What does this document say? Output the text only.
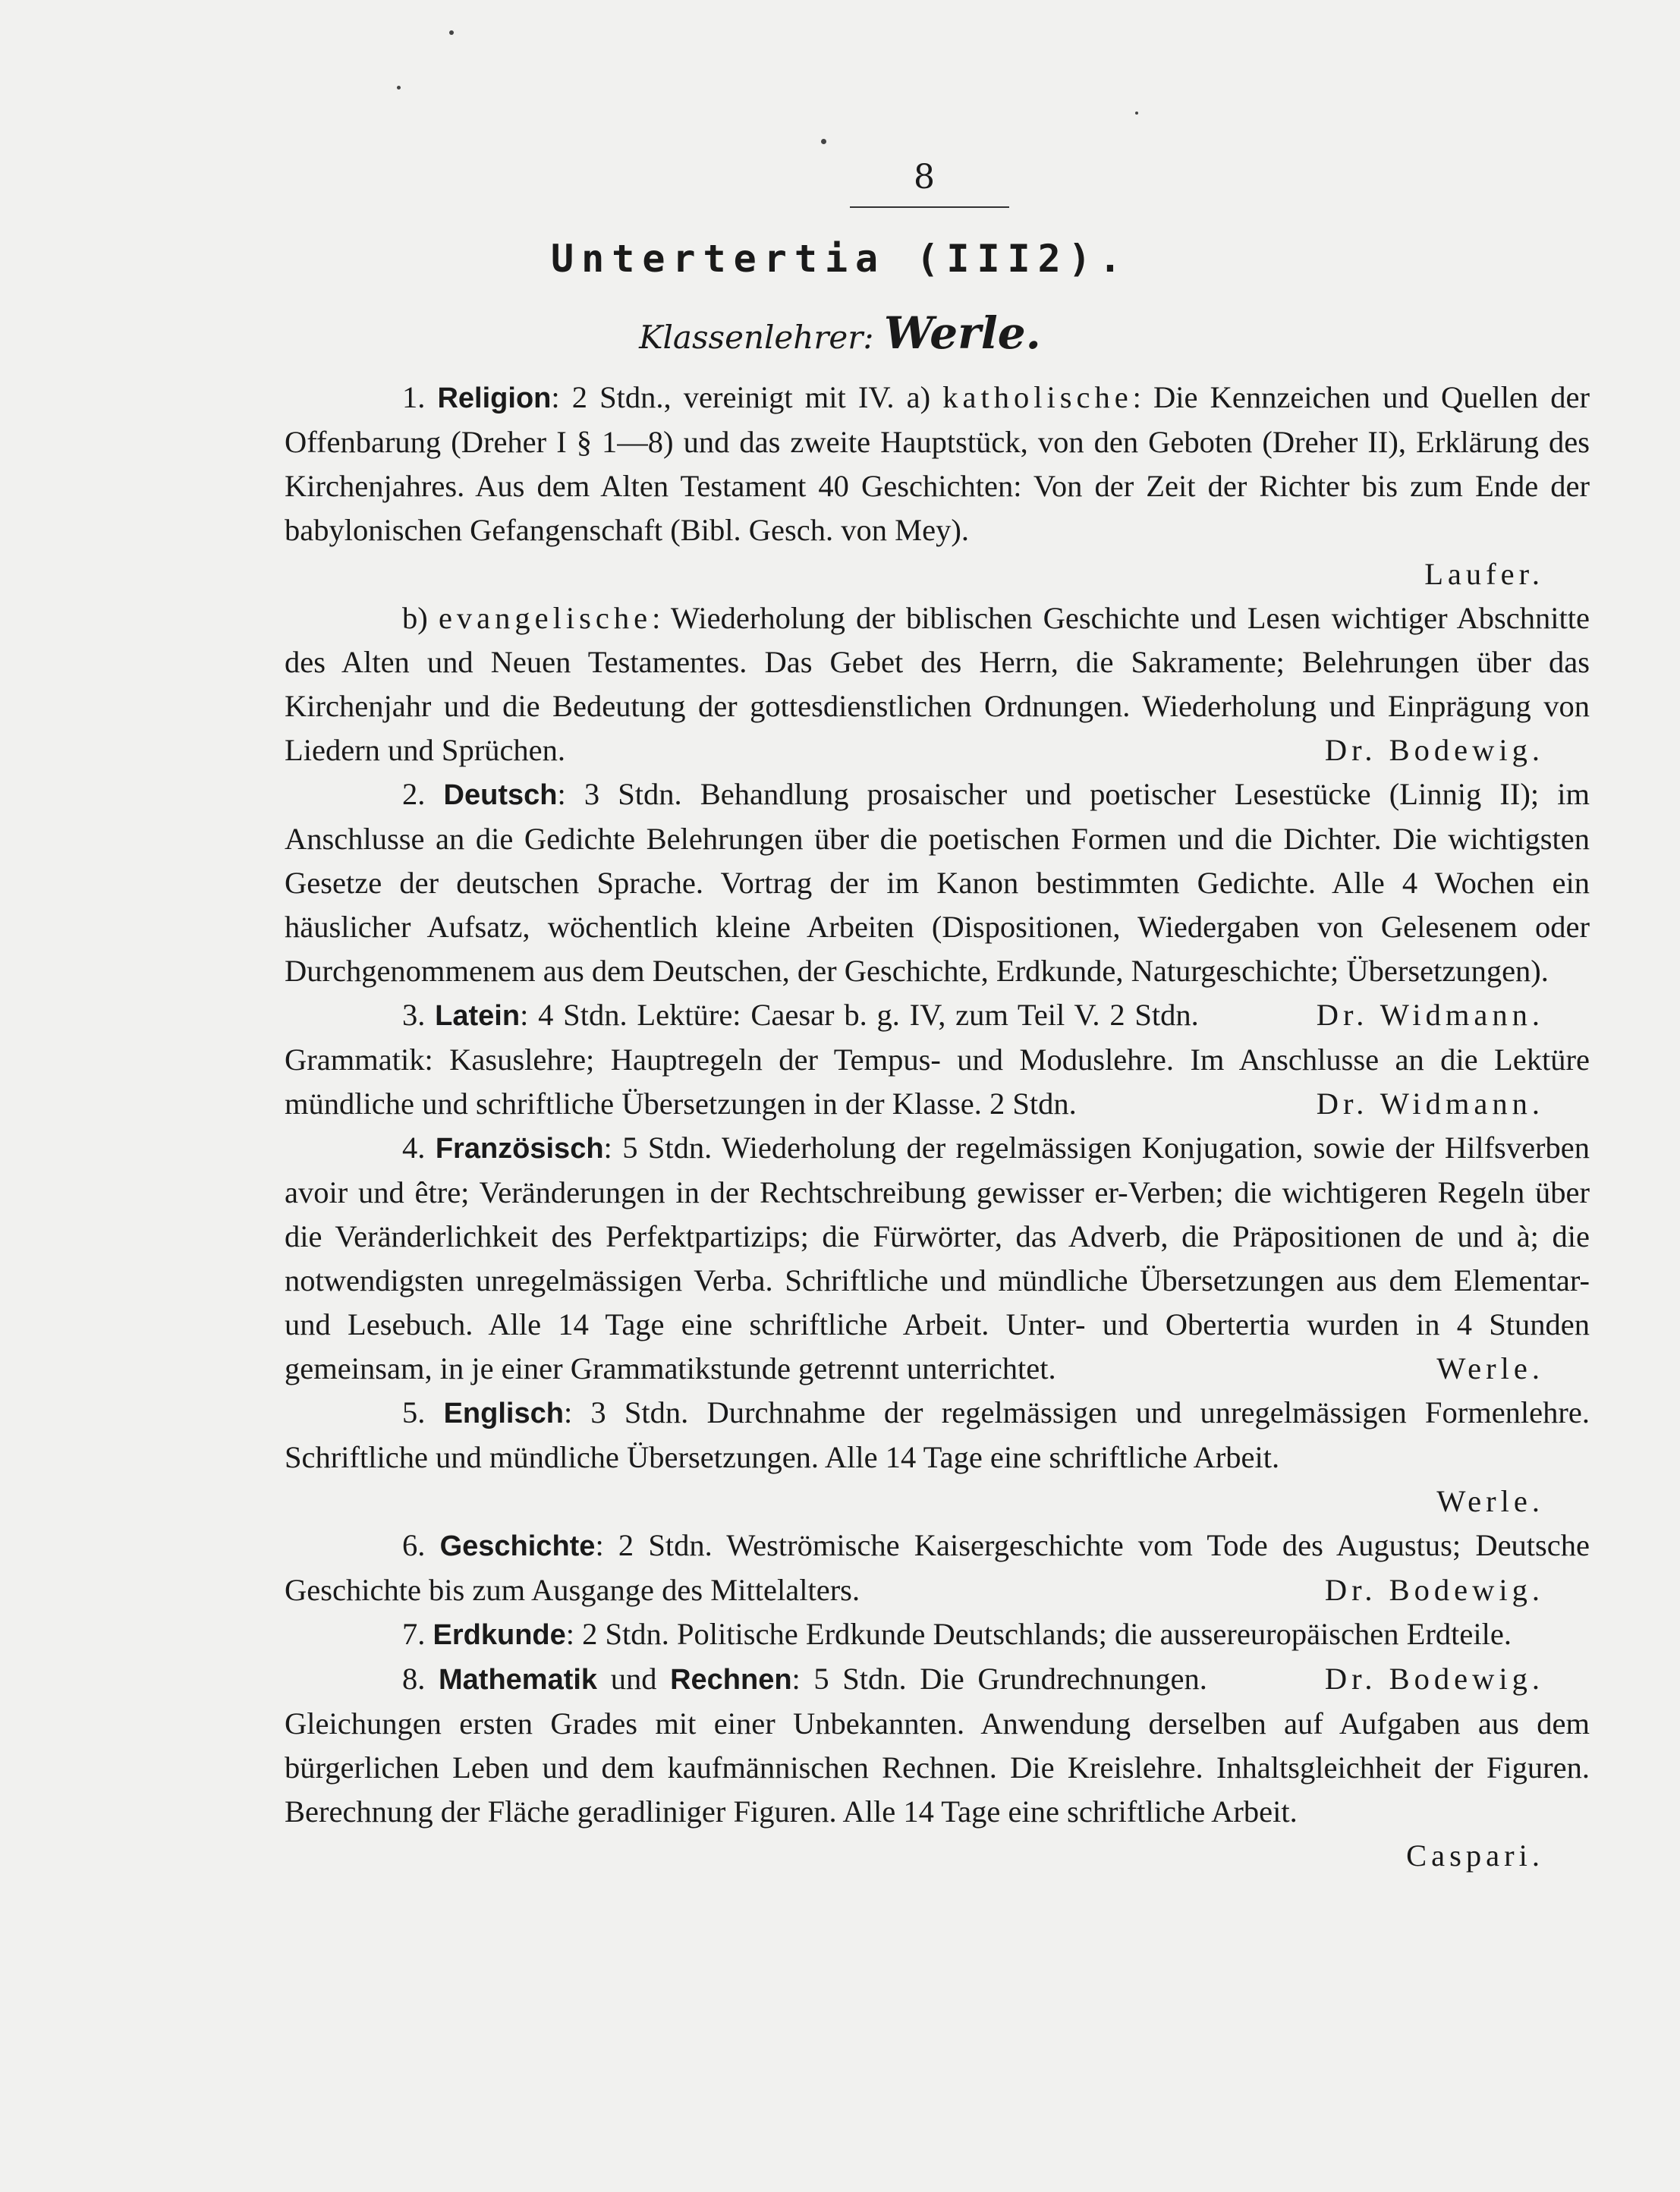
8
Untertertia (III2).
Klassenlehrer: Werle.

1. Religion: 2 Stdn., vereinigt mit IV. a) katholische: Die Kennzeichen und Quellen der Offenbarung (Dreher I § 1—8) und das zweite Hauptstück, von den Geboten (Dreher II), Erklärung des Kirchenjahres. Aus dem Alten Testament 40 Geschichten: Von der Zeit der Richter bis zum Ende der babylonischen Gefangenschaft (Bibl. Gesch. von Mey).
Laufer.

b) evangelische: Wiederholung der biblischen Geschichte und Lesen wichtiger Abschnitte des Alten und Neuen Testamentes. Das Gebet des Herrn, die Sakramente; Belehrungen über das Kirchenjahr und die Bedeutung der gottesdienstlichen Ordnungen. Wiederholung und Einprägung von Liedern und Sprüchen.	Dr. Bodewig.

2. Deutsch: 3 Stdn. Behandlung prosaischer und poetischer Lesestücke (Linnig II); im Anschlusse an die Gedichte Belehrungen über die poetischen Formen und die Dichter. Die wichtigsten Gesetze der deutschen Sprache. Vortrag der im Kanon bestimmten Gedichte. Alle 4 Wochen ein häuslicher Aufsatz, wöchentlich kleine Arbeiten (Dispositionen, Wiedergaben von Gelesenem oder Durchgenommenem aus dem Deutschen, der Geschichte, Erdkunde, Naturgeschichte; Übersetzungen).
Dr. Widmann.

3. Latein: 4 Stdn. Lektüre: Caesar b. g. IV, zum Teil V. 2 Stdn. Grammatik: Kasuslehre; Hauptregeln der Tempus- und Moduslehre. Im Anschlusse an die Lektüre mündliche und schriftliche Übersetzungen in der Klasse. 2 Stdn.	Dr. Widmann.

4. Französisch: 5 Stdn. Wiederholung der regelmässigen Konjugation, sowie der Hilfsverben avoir und être; Veränderungen in der Rechtschreibung gewisser er-Verben; die wichtigeren Regeln über die Veränderlichkeit des Perfektpartizips; die Fürwörter, das Adverb, die Präpositionen de und à; die notwendigsten unregelmässigen Verba. Schriftliche und mündliche Übersetzungen aus dem Elementar- und Lesebuch. Alle 14 Tage eine schriftliche Arbeit. Unter- und Obertertia wurden in 4 Stunden gemeinsam, in je einer Grammatikstunde getrennt unterrichtet.	Werle.

5. Englisch: 3 Stdn. Durchnahme der regelmässigen und unregelmässigen Formenlehre. Schriftliche und mündliche Übersetzungen. Alle 14 Tage eine schriftliche Arbeit.
Werle.

6. Geschichte: 2 Stdn. Weströmische Kaisergeschichte vom Tode des Augustus; Deutsche Geschichte bis zum Ausgange des Mittelalters.	Dr. Bodewig.

7. Erdkunde: 2 Stdn. Politische Erdkunde Deutschlands; die aussereuropäischen Erdteile.
Dr. Bodewig.

8. Mathematik und Rechnen: 5 Stdn. Die Grundrechnungen. Gleichungen ersten Grades mit einer Unbekannten. Anwendung derselben auf Aufgaben aus dem bürgerlichen Leben und dem kaufmännischen Rechnen. Die Kreislehre. Inhaltsgleichheit der Figuren. Berechnung der Fläche geradliniger Figuren. Alle 14 Tage eine schriftliche Arbeit.
Caspari.
